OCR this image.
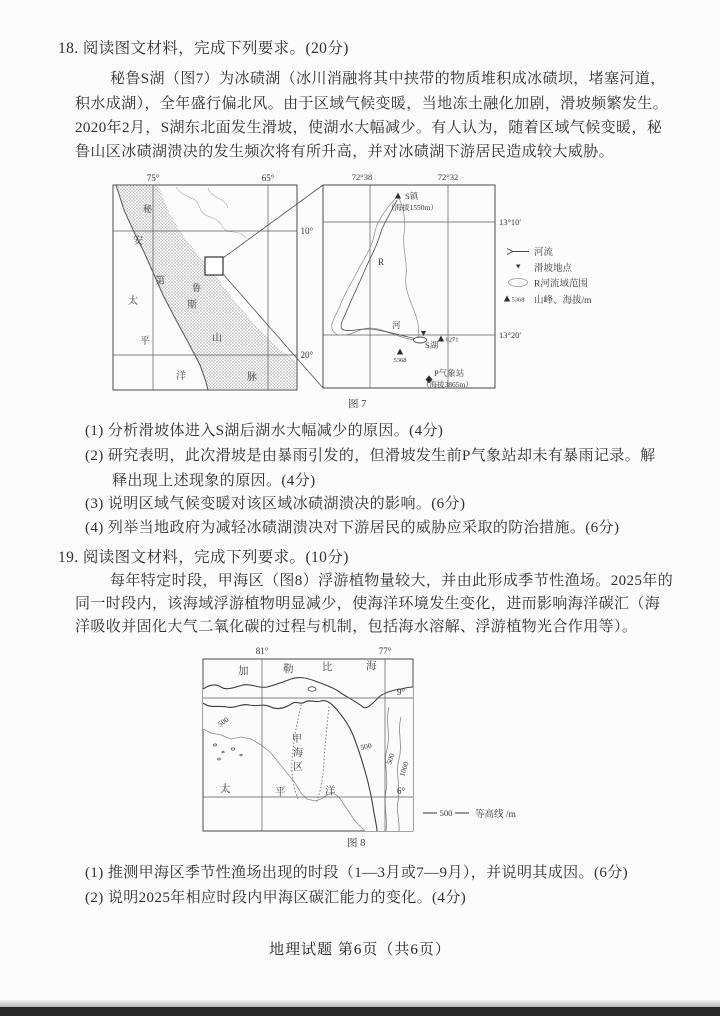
18. 阅读图文材料，完成下列要求。(20分)
秘鲁S湖（图7）为冰碛湖（冰川消融将其中挟带的物质堆积成冰碛坝，堵塞河道，
积水成湖），全年盛行偏北风。由于区域气候变暖，当地冻土融化加剧，滑坡频繁发生。
2020年2月，S湖东北面发生滑坡，使湖水大幅减少。有人认为，随着区域气候变暖，秘
鲁山区冰碛湖溃决的发生频次将有所升高，并对冰碛湖下游居民造成较大威胁。
75°	65°
10°
20°
秘
鲁
安
第
斯
山
脉
太
平
洋
R
河
S湖 6271
5368
S镇
（海拔1550m）
P气象站
（海拔3865m）
72°38	72°32
13°10′
13°20′
河流
滑坡地点
R河流域范围
5368 山峰、海拔/m
图 7
(1) 分析滑坡体进入S湖后湖水大幅减少的原因。(4分)
(2) 研究表明，此次滑坡是由暴雨引发的，但滑坡发生前P气象站却未有暴雨记录。解
释出现上述现象的原因。(4分)
(3) 说明区域气候变暖对该区域冰碛湖溃决的影响。(6分)
(4) 列举当地政府为减轻冰碛湖溃决对下游居民的威胁应采取的防治措施。(6分)
19. 阅读图文材料，完成下列要求。(10分)
每年特定时段，甲海区（图8）浮游植物量较大，并由此形成季节性渔场。2025年的
同一时段内，该海域浮游植物明显减少，使海洋环境发生变化，进而影响海洋碳汇（海
洋吸收并固化大气二氧化碳的过程与机制，包括海水溶解、浮游植物光合作用等）。
81°	77°
9°
6°
加	勒	比	海
甲
海
区
太	平	洋
500
500
500
1000
500 等高线 /m
图 8
(1) 推测甲海区季节性渔场出现的时段（1—3月或7—9月），并说明其成因。(6分)
(2) 说明2025年相应时段内甲海区碳汇能力的变化。(4分)
地理试题 第6页（共6页）
